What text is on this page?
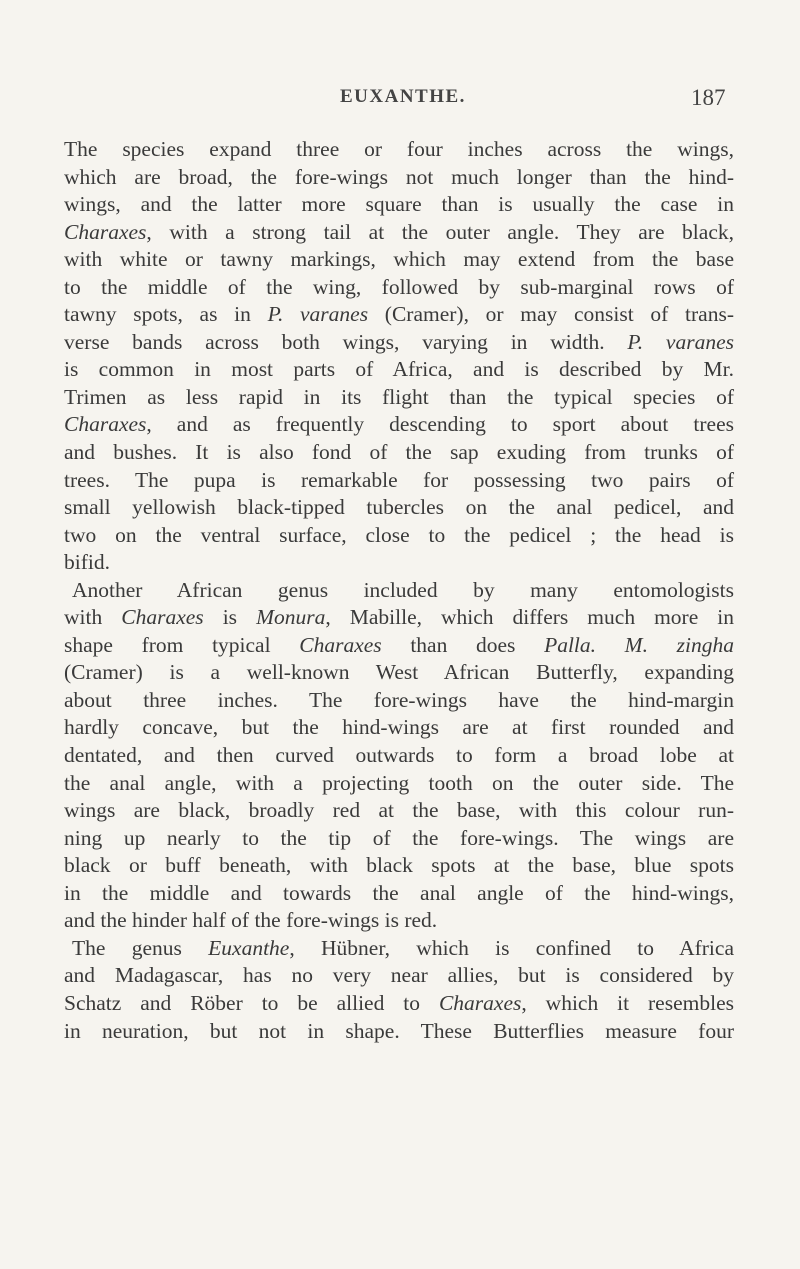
EUXANTHE.	187
The species expand three or four inches across the wings,
which are broad, the fore-wings not much longer than the hind-
wings, and the latter more square than is usually the case in
Charaxes, with a strong tail at the outer angle. They are black,
with white or tawny markings, which may extend from the base
to the middle of the wing, followed by sub-marginal rows of
tawny spots, as in P. varanes (Cramer), or may consist of trans-
verse bands across both wings, varying in width. P. varanes
is common in most parts of Africa, and is described by Mr.
Trimen as less rapid in its flight than the typical species of
Charaxes, and as frequently descending to sport about trees
and bushes. It is also fond of the sap exuding from trunks of
trees. The pupa is remarkable for possessing two pairs of
small yellowish black-tipped tubercles on the anal pedicel, and
two on the ventral surface, close to the pedicel ; the head is
bifid.
Another African genus included by many entomologists
with Charaxes is Monura, Mabille, which differs much more in
shape from typical Charaxes than does Palla. M. zingha
(Cramer) is a well-known West African Butterfly, expanding
about three inches. The fore-wings have the hind-margin
hardly concave, but the hind-wings are at first rounded and
dentated, and then curved outwards to form a broad lobe at
the anal angle, with a projecting tooth on the outer side. The
wings are black, broadly red at the base, with this colour run-
ning up nearly to the tip of the fore-wings. The wings are
black or buff beneath, with black spots at the base, blue spots
in the middle and towards the anal angle of the hind-wings,
and the hinder half of the fore-wings is red.
The genus Euxanthe, Hübner, which is confined to Africa
and Madagascar, has no very near allies, but is considered by
Schatz and Röber to be allied to Charaxes, which it resembles
in neuration, but not in shape. These Butterflies measure four
